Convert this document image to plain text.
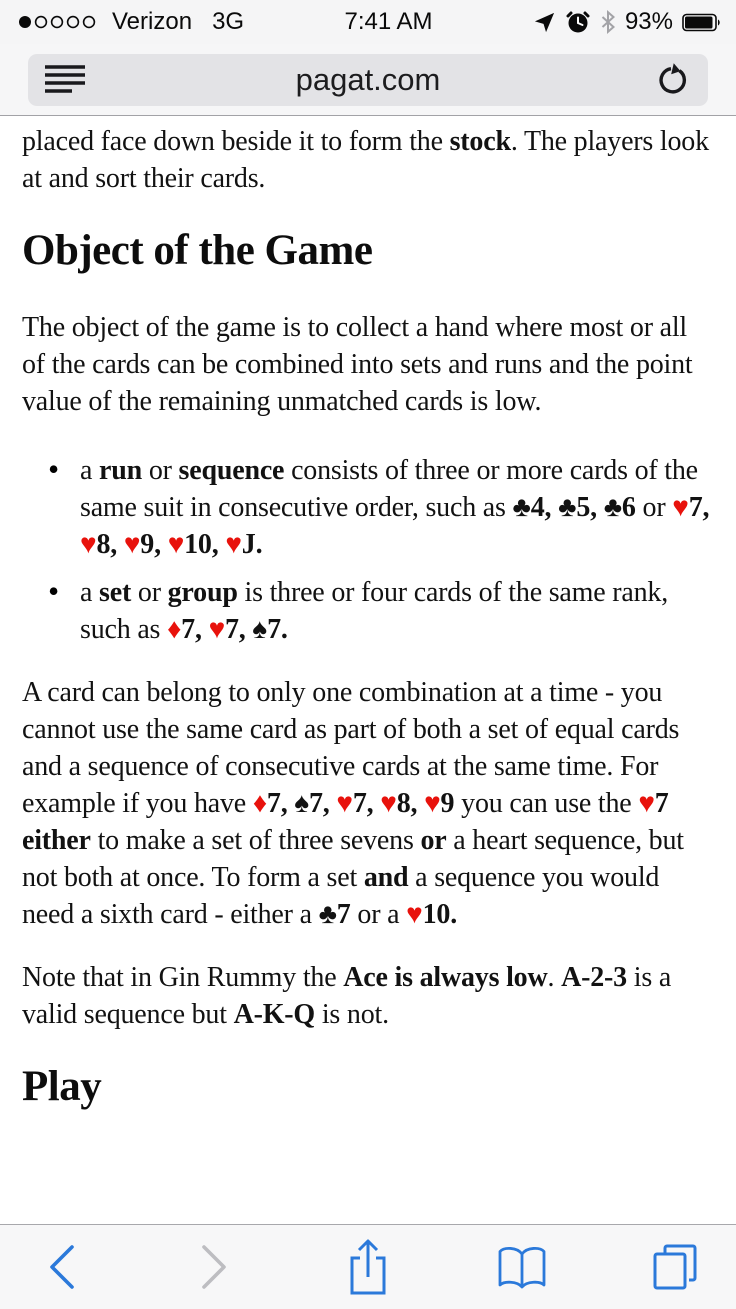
Verizon 3G	7:41 AM	93%
pagat.com

placed face down beside it to form the stock. The players look at and sort their cards.

Object of the Game

The object of the game is to collect a hand where most or all of the cards can be combined into sets and runs and the point value of the remaining unmatched cards is low.

• a run or sequence consists of three or more cards of the same suit in consecutive order, such as ♣4, ♣5, ♣6 or ♥7, ♥8, ♥9, ♥10, ♥J.
• a set or group is three or four cards of the same rank, such as ♦7, ♥7, ♠7.

A card can belong to only one combination at a time - you cannot use the same card as part of both a set of equal cards and a sequence of consecutive cards at the same time. For example if you have ♦7, ♠7, ♥7, ♥8, ♥9 you can use the ♥7 either to make a set of three sevens or a heart sequence, but not both at once. To form a set and a sequence you would need a sixth card - either a ♣7 or a ♥10.

Note that in Gin Rummy the Ace is always low. A-2-3 is a valid sequence but A-K-Q is not.

Play
